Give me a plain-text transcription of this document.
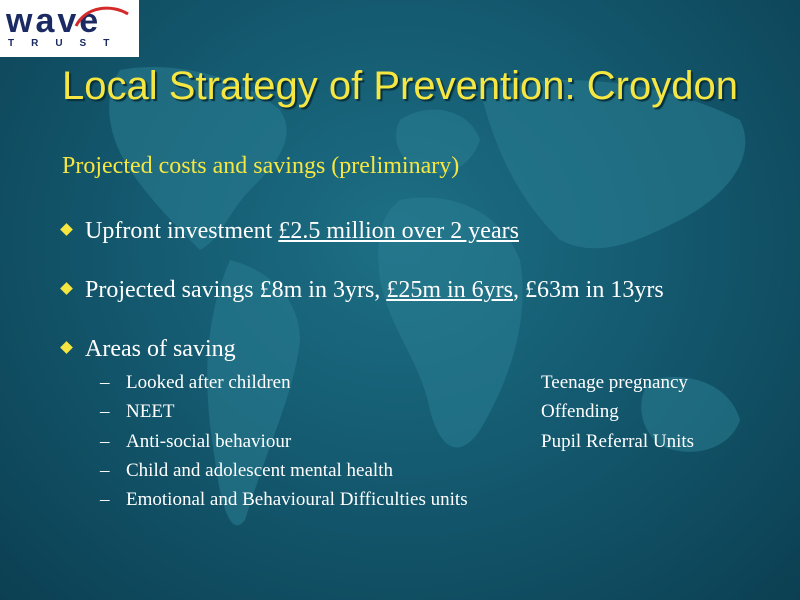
wave
TRUST
Local Strategy of Prevention: Croydon
Projected costs and savings (preliminary)
Upfront investment £2.5 million over 2 years
Projected savings £8m in 3yrs, £25m in 6yrs, £63m in 13yrs
Areas of saving
– Looked after children
– NEET
– Anti-social behaviour
– Child and adolescent mental health
– Emotional and Behavioural Difficulties units
Teenage pregnancy
Offending
Pupil Referral Units
